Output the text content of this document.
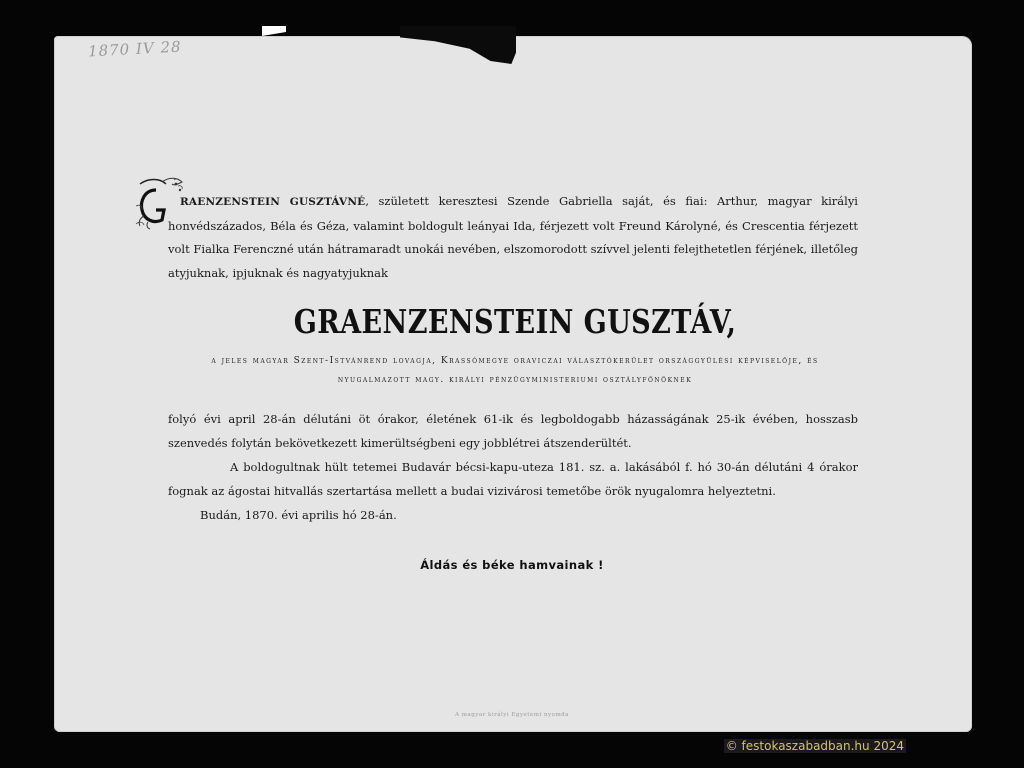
1870 IV 28
RAENZENSTEIN GUSZTÁVNÉ, született keresztesi Szende Gabriella saját, és fiai: Arthur, magyar királyi honvédszázados, Béla és Géza, valamint boldogult leányai Ida, férjezett volt Freund Károlyné, és Crescentia férjezett volt Fialka Ferenczné után hátramaradt unokái nevében, elszomorodott szívvel jelenti felejthetetlen férjének, illetőleg atyjuknak, ipjuknak és nagyatyjuknak
GRAENZENSTEIN GUSZTÁV,
a jeles magyar Szent-Istvánrend lovagja, Krassómegye oraviczai választókerület országgyűlési képviselője, és
nyugalmazott magy. királyi pénzügyministeriumi osztályfőnöknek
folyó évi april 28-án délutáni öt órakor, életének 61-ik és legboldogabb házasságának 25-ik évében, hosszasb szenvedés folytán bekövetkezett kimerültségbeni egy jobblétrei átszenderültét.
A boldogultnak hült tetemei Budavár bécsi-kapu-uteza 181. sz. a. lakásából f. hó 30-án délutáni 4 órakor fognak az ágostai hitvallás szertartása mellett a budai vizivárosi temetőbe örök nyugalomra helyeztetni.
Budán, 1870. évi aprilis hó 28-án.
Áldás és béke hamvainak !
A magyar királyi Egyetemi nyomda
© festokaszabadban.hu 2024
